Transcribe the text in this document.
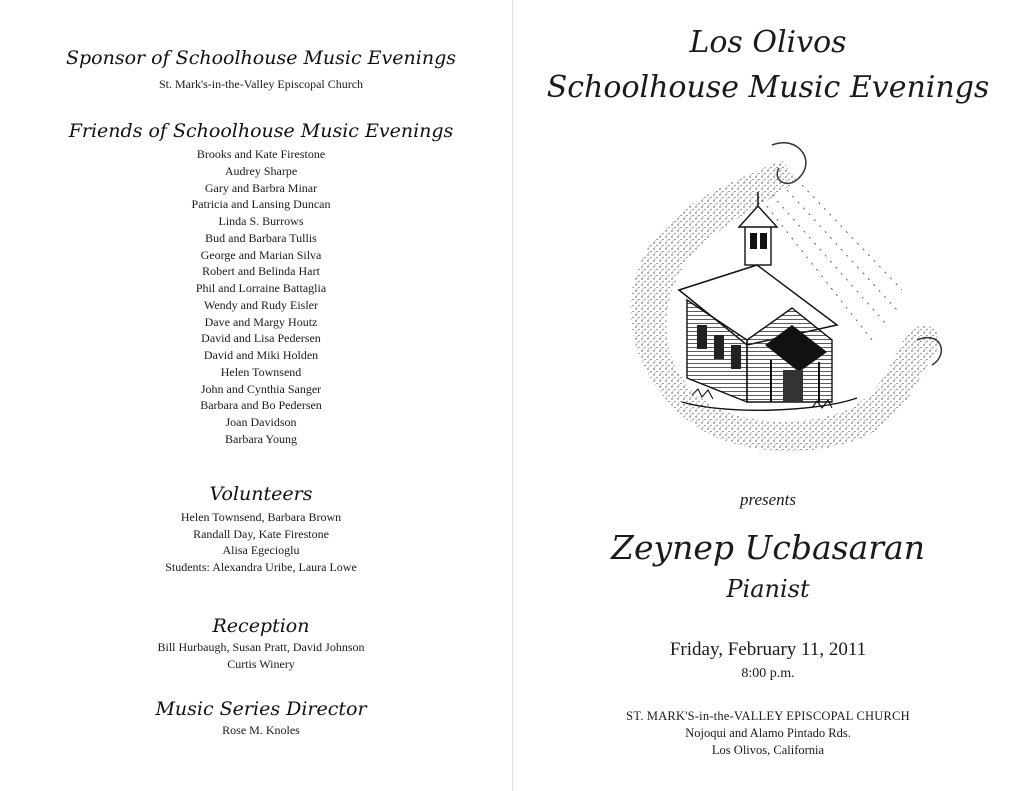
Sponsor of Schoolhouse Music Evenings
St. Mark's-in-the-Valley Episcopal Church
Friends of Schoolhouse Music Evenings
Brooks and Kate Firestone
Audrey Sharpe
Gary and Barbra Minar
Patricia and Lansing Duncan
Linda S. Burrows
Bud and Barbara Tullis
George and Marian Silva
Robert and Belinda Hart
Phil and Lorraine Battaglia
Wendy and Rudy Eisler
Dave and Margy Houtz
David and Lisa Pedersen
David and Miki Holden
Helen Townsend
John and Cynthia Sanger
Barbara and Bo Pedersen
Joan Davidson
Barbara Young
Volunteers
Helen Townsend, Barbara Brown
Randall Day, Kate Firestone
Alisa Egecioglu
Students: Alexandra Uribe, Laura Lowe
Reception
Bill Hurbaugh, Susan Pratt, David Johnson
Curtis Winery
Music Series Director
Rose M. Knoles
Los Olivos
Schoolhouse Music Evenings
presents
Zeynep Ucbasaran
Pianist
Friday, February 11, 2011
8:00 p.m.
ST. MARK'S-in-the-VALLEY EPISCOPAL CHURCH
Nojoqui and Alamo Pintado Rds.
Los Olivos, California
